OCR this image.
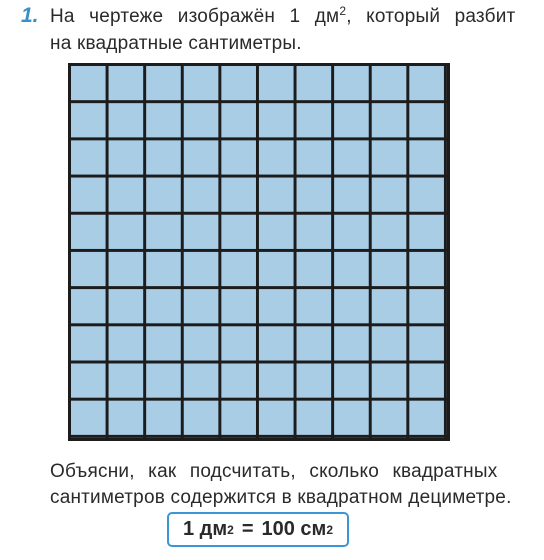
1. На чертеже изображён 1 $дм^2$, который разбит
на квадратные сантиметры.
Объясни, как подсчитать, сколько квадратных
сантиметров содержится в квадратном дециметре.
1 дм 2 = 100 см 2
